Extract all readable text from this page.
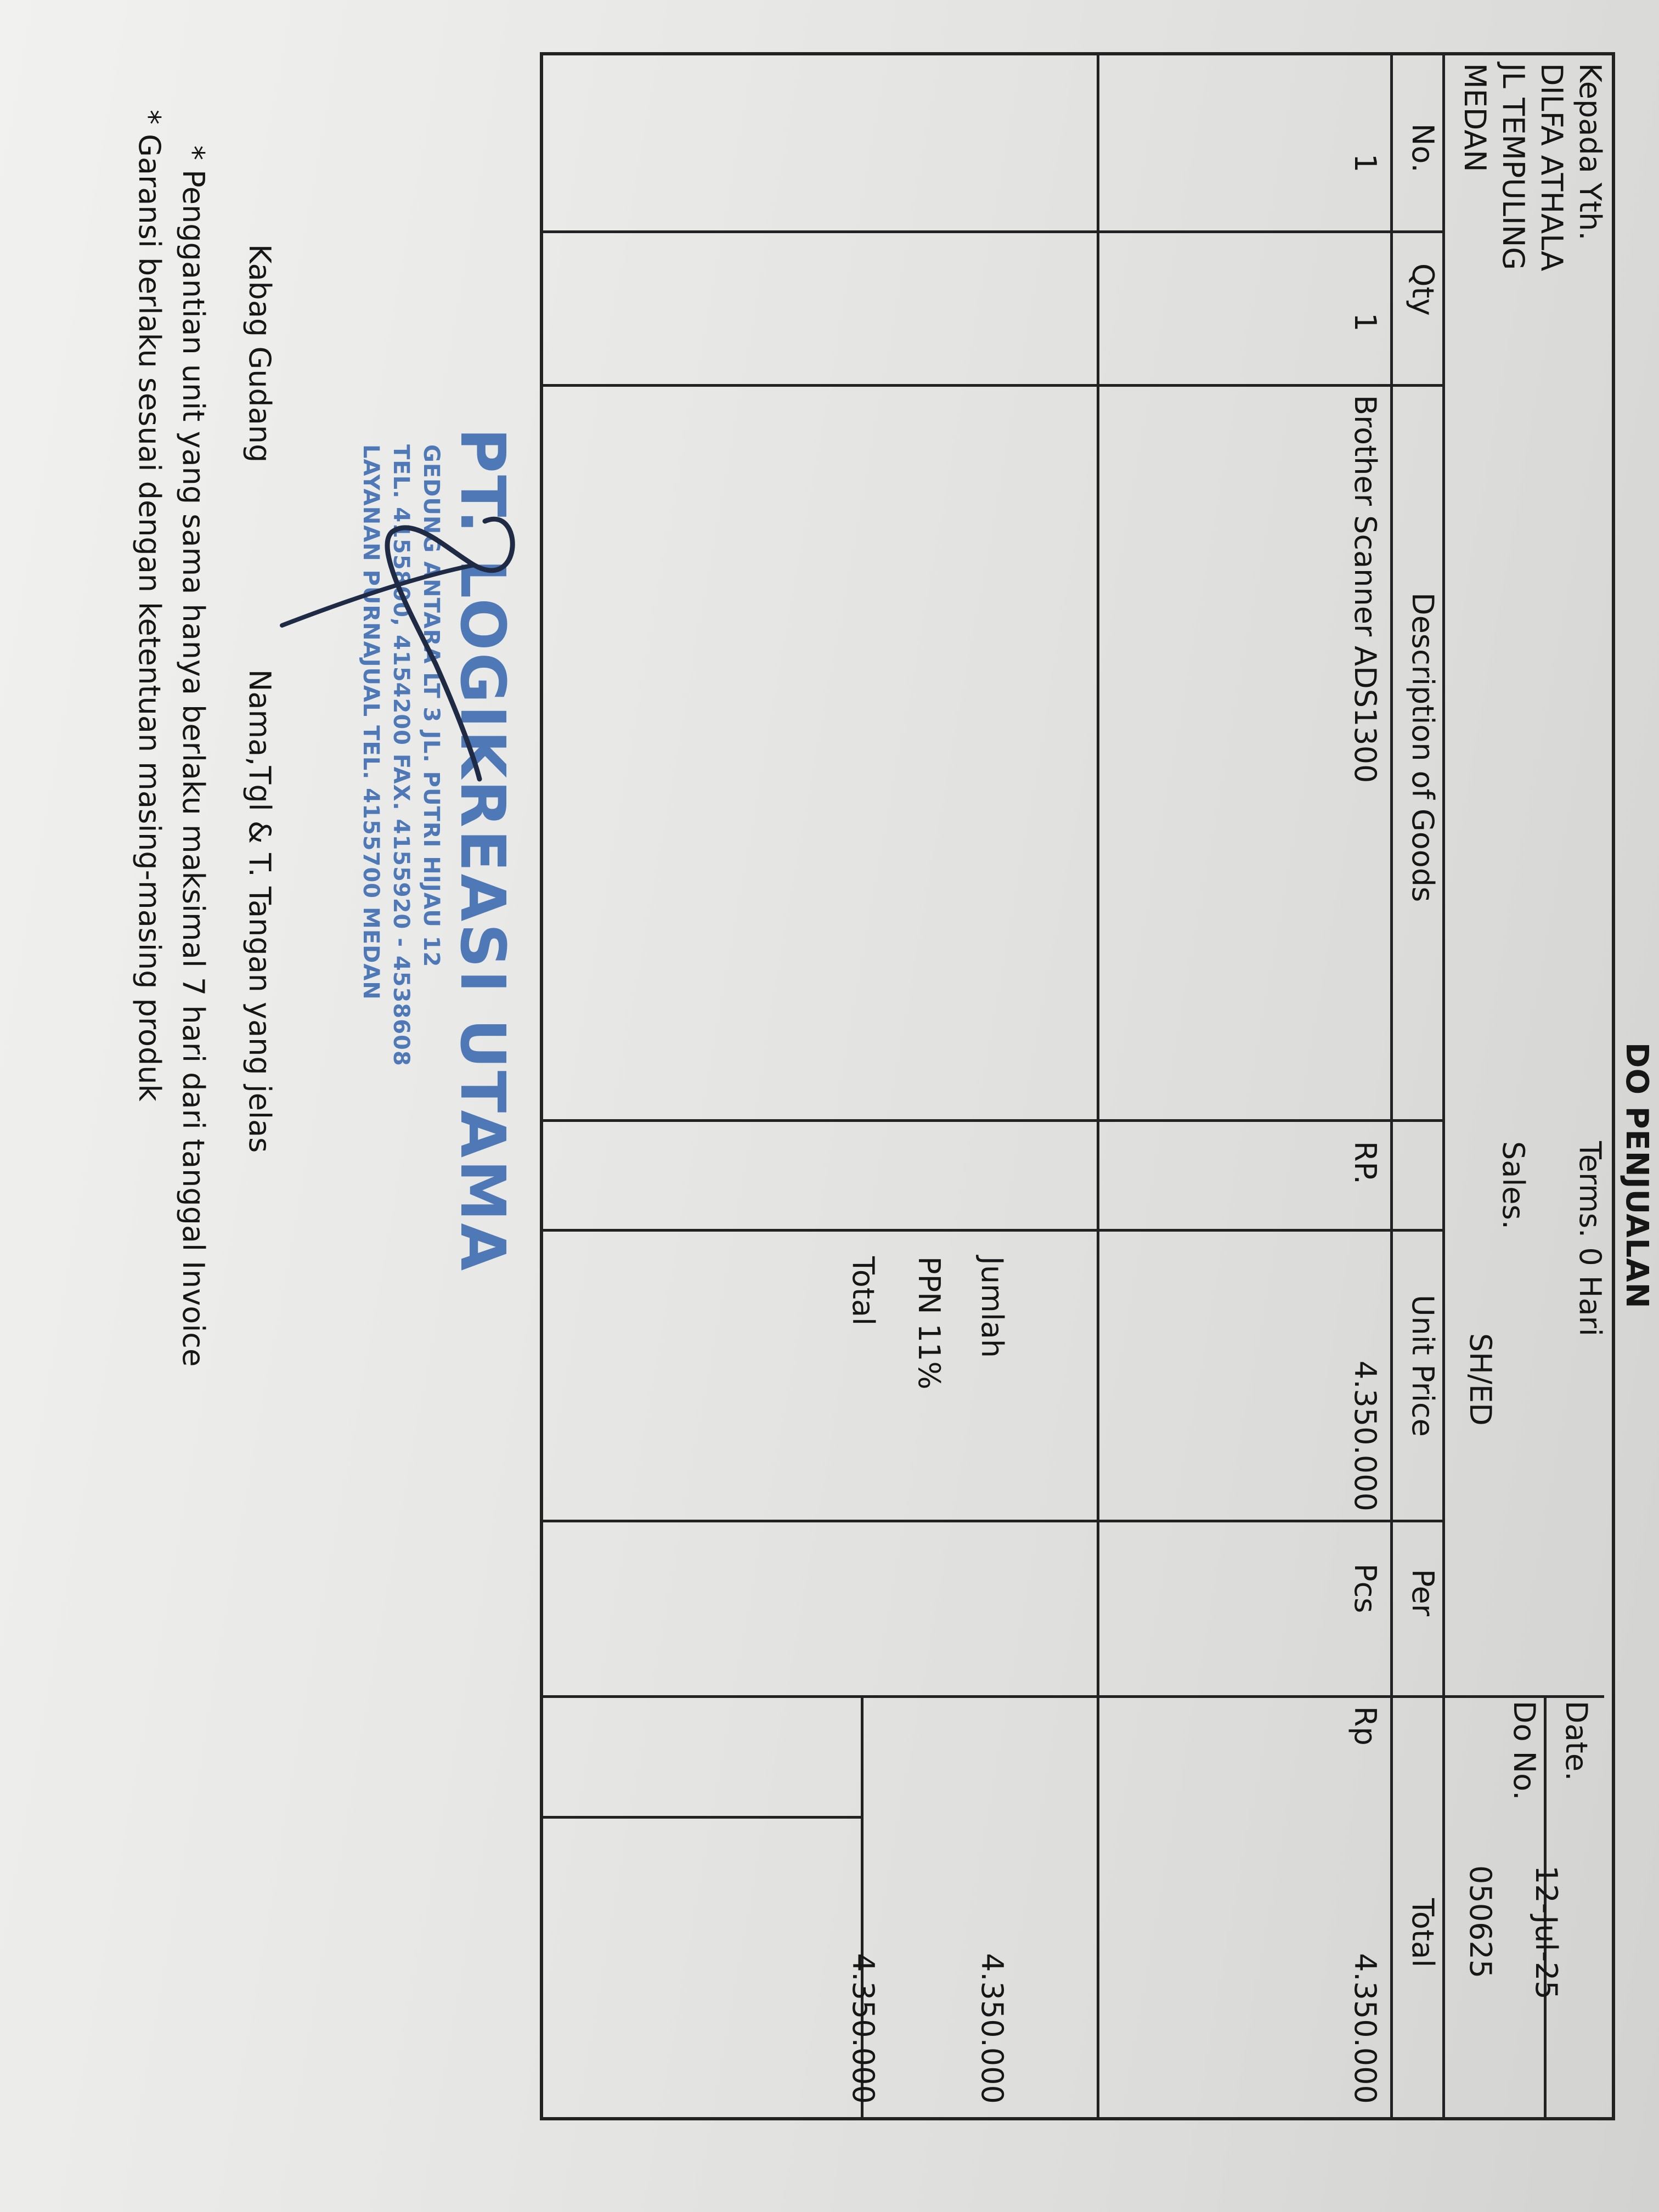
DO PENJUALAN
Kepada Yth.
DILFA ATHALA
JL TEMPULING
MEDAN
Terms. 0 Hari
Sales.
SH/ED
Date.
12-Jul-25
Do No.
050625
No.
Qty
Description of Goods
Unit Price
Per
Total
1
1
Brother Scanner ADS1300
RP.
4.350.000
Pcs
Rp
4.350.000
Jumlah
4.350.000
PPN 11%
Total
4.350.000
PT. LOGIKREASI UTAMA
GEDUNG ANTARA LT 3 JL. PUTRI HIJAU 12
TEL. 4155800, 4154200 FAX. 4155920 - 4538608
LAYANAN PURNAJUAL TEL. 4155700 MEDAN
Kabag Gudang
Nama,Tgl & T. Tangan yang jelas
* Penggantian unit yang sama hanya berlaku maksimal 7 hari dari tanggal Invoice
* Garansi berlaku sesuai dengan ketentuan masing-masing produk
